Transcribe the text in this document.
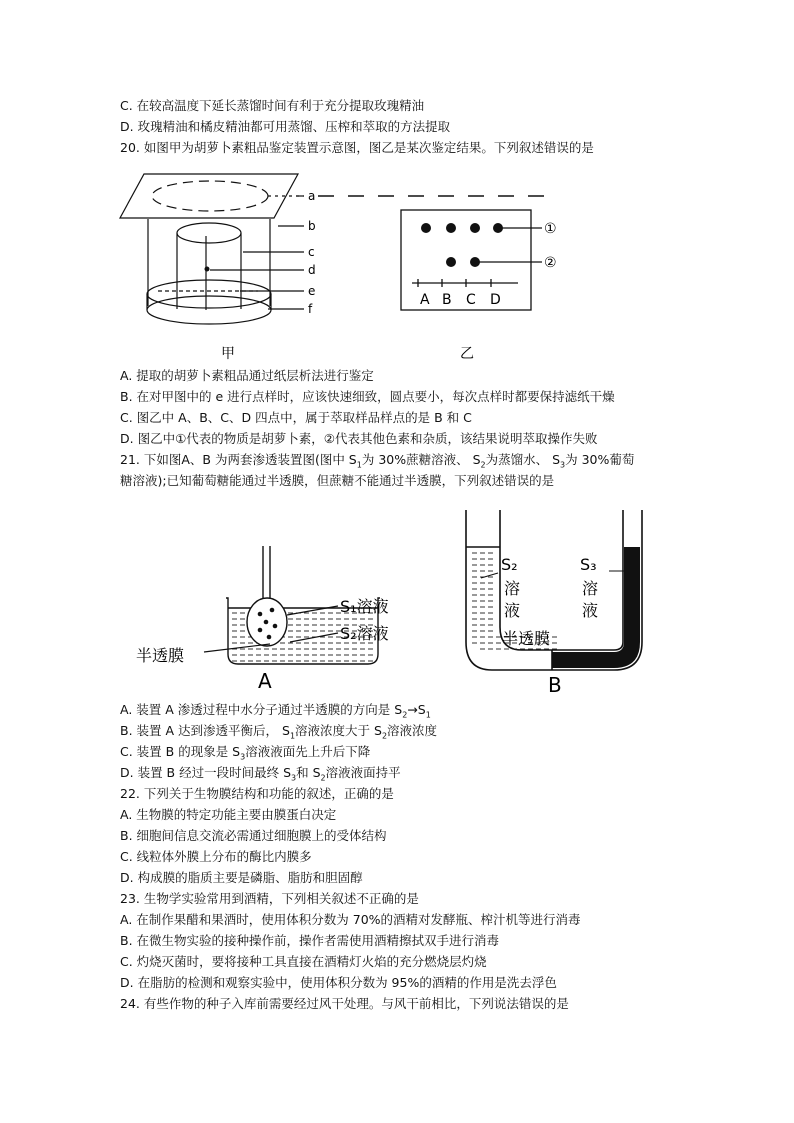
C. 在较高温度下延长蒸馏时间有利于充分提取玫瑰精油
D. 玫瑰精油和橘皮精油都可用蒸馏、压榨和萃取的方法提取
20. 如图甲为胡萝卜素粗品鉴定装置示意图，图乙是某次鉴定结果。下列叙述错误的是
a
b
c
d
e
f
甲
①
②
A B C D
乙
A. 提取的胡萝卜素粗品通过纸层析法进行鉴定
B. 在对甲图中的 e 进行点样时，应该快速细致，圆点要小，每次点样时都要保持滤纸干燥
C. 图乙中 A、B、C、D 四点中，属于萃取样品样点的是 B 和 C
D. 图乙中①代表的物质是胡萝卜素，②代表其他色素和杂质，该结果说明萃取操作失败
21. 下如图A、B 为两套渗透装置图(图中 $S_1$为 30%蔗糖溶液、 $S_2$为蒸馏水、 $S_3$为 30%葡萄
糖溶液);已知葡萄糖能通过半透膜，但蔗糖不能通过半透膜，下列叙述错误的是
S₁溶液
S₂溶液
半透膜
A
S₂
溶
液
S₃
溶
液
半透膜
B
A. 装置 A 渗透过程中水分子通过半透膜的方向是 $S_2\to S_1$
B. 装置 A 达到渗透平衡后， $S_1$溶液浓度大于 $S_2$溶液浓度
C. 装置 B 的现象是 $S_3$溶液液面先上升后下降
D. 装置 B 经过一段时间最终 $S_3$和 $S_2$溶液液面持平
22. 下列关于生物膜结构和功能的叙述，正确的是
A. 生物膜的特定功能主要由膜蛋白决定
B. 细胞间信息交流必需通过细胞膜上的受体结构
C. 线粒体外膜上分布的酶比内膜多
D. 构成膜的脂质主要是磷脂、脂肪和胆固醇
23. 生物学实验常用到酒精，下列相关叙述不正确的是
A. 在制作果醋和果酒时，使用体积分数为 70%的酒精对发酵瓶、榨汁机等进行消毒
B. 在微生物实验的接种操作前，操作者需使用酒精擦拭双手进行消毒
C. 灼烧灭菌时，要将接种工具直接在酒精灯火焰的充分燃烧层灼烧
D. 在脂肪的检测和观察实验中，使用体积分数为 95%的酒精的作用是洗去浮色
24. 有些作物的种子入库前需要经过风干处理。与风干前相比，下列说法错误的是
